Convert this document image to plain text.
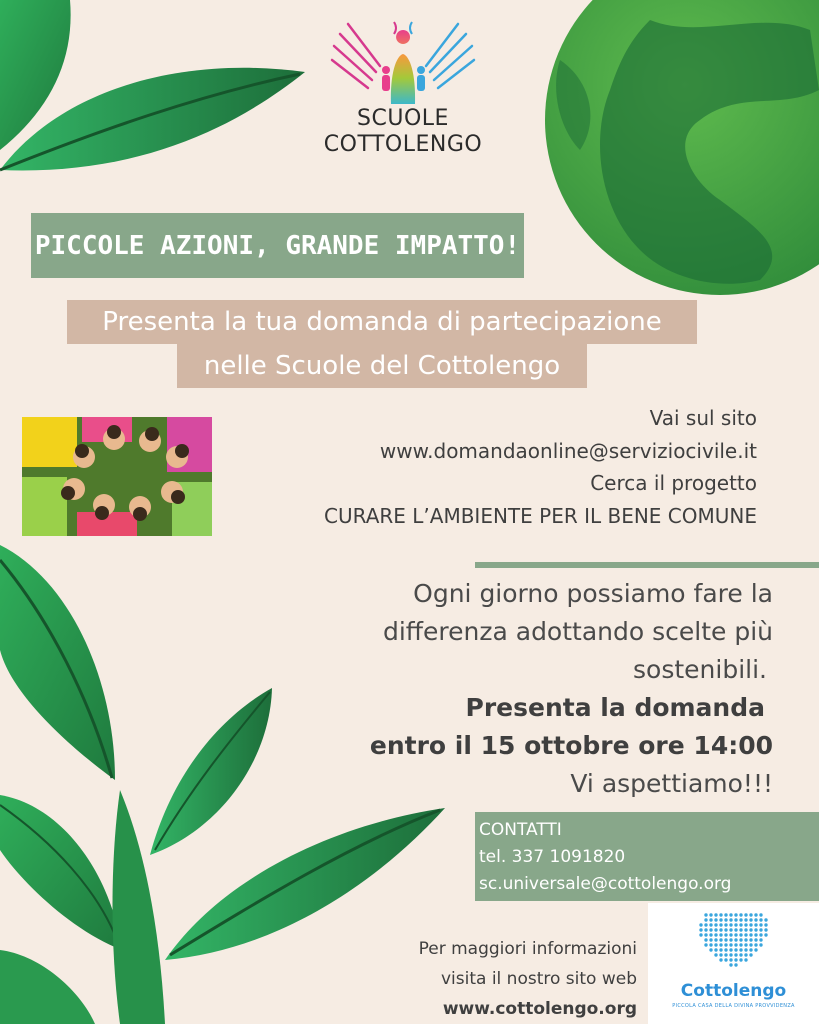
SCUOLE
COTTOLENGO
PICCOLE AZIONI, GRANDE IMPATTO!
Presenta la tua domanda di partecipazione
nelle Scuole del Cottolengo
Vai sul sito
www.domandaonline@serviziocivile.it
Cerca il progetto
CURARE L’AMBIENTE PER IL BENE COMUNE
Ogni giorno possiamo fare la
differenza adottando scelte più
sostenibili.
Presenta la domanda
entro il 15 ottobre ore 14:00
Vi aspettiamo!!!
CONTATTI
tel. 337 1091820
sc.universale@cottolengo.org
Per maggiori informazioni
visita il nostro sito web
www.cottolengo.org
Cottolengo
PICCOLA CASA DELLA DIVINA PROVVIDENZA
